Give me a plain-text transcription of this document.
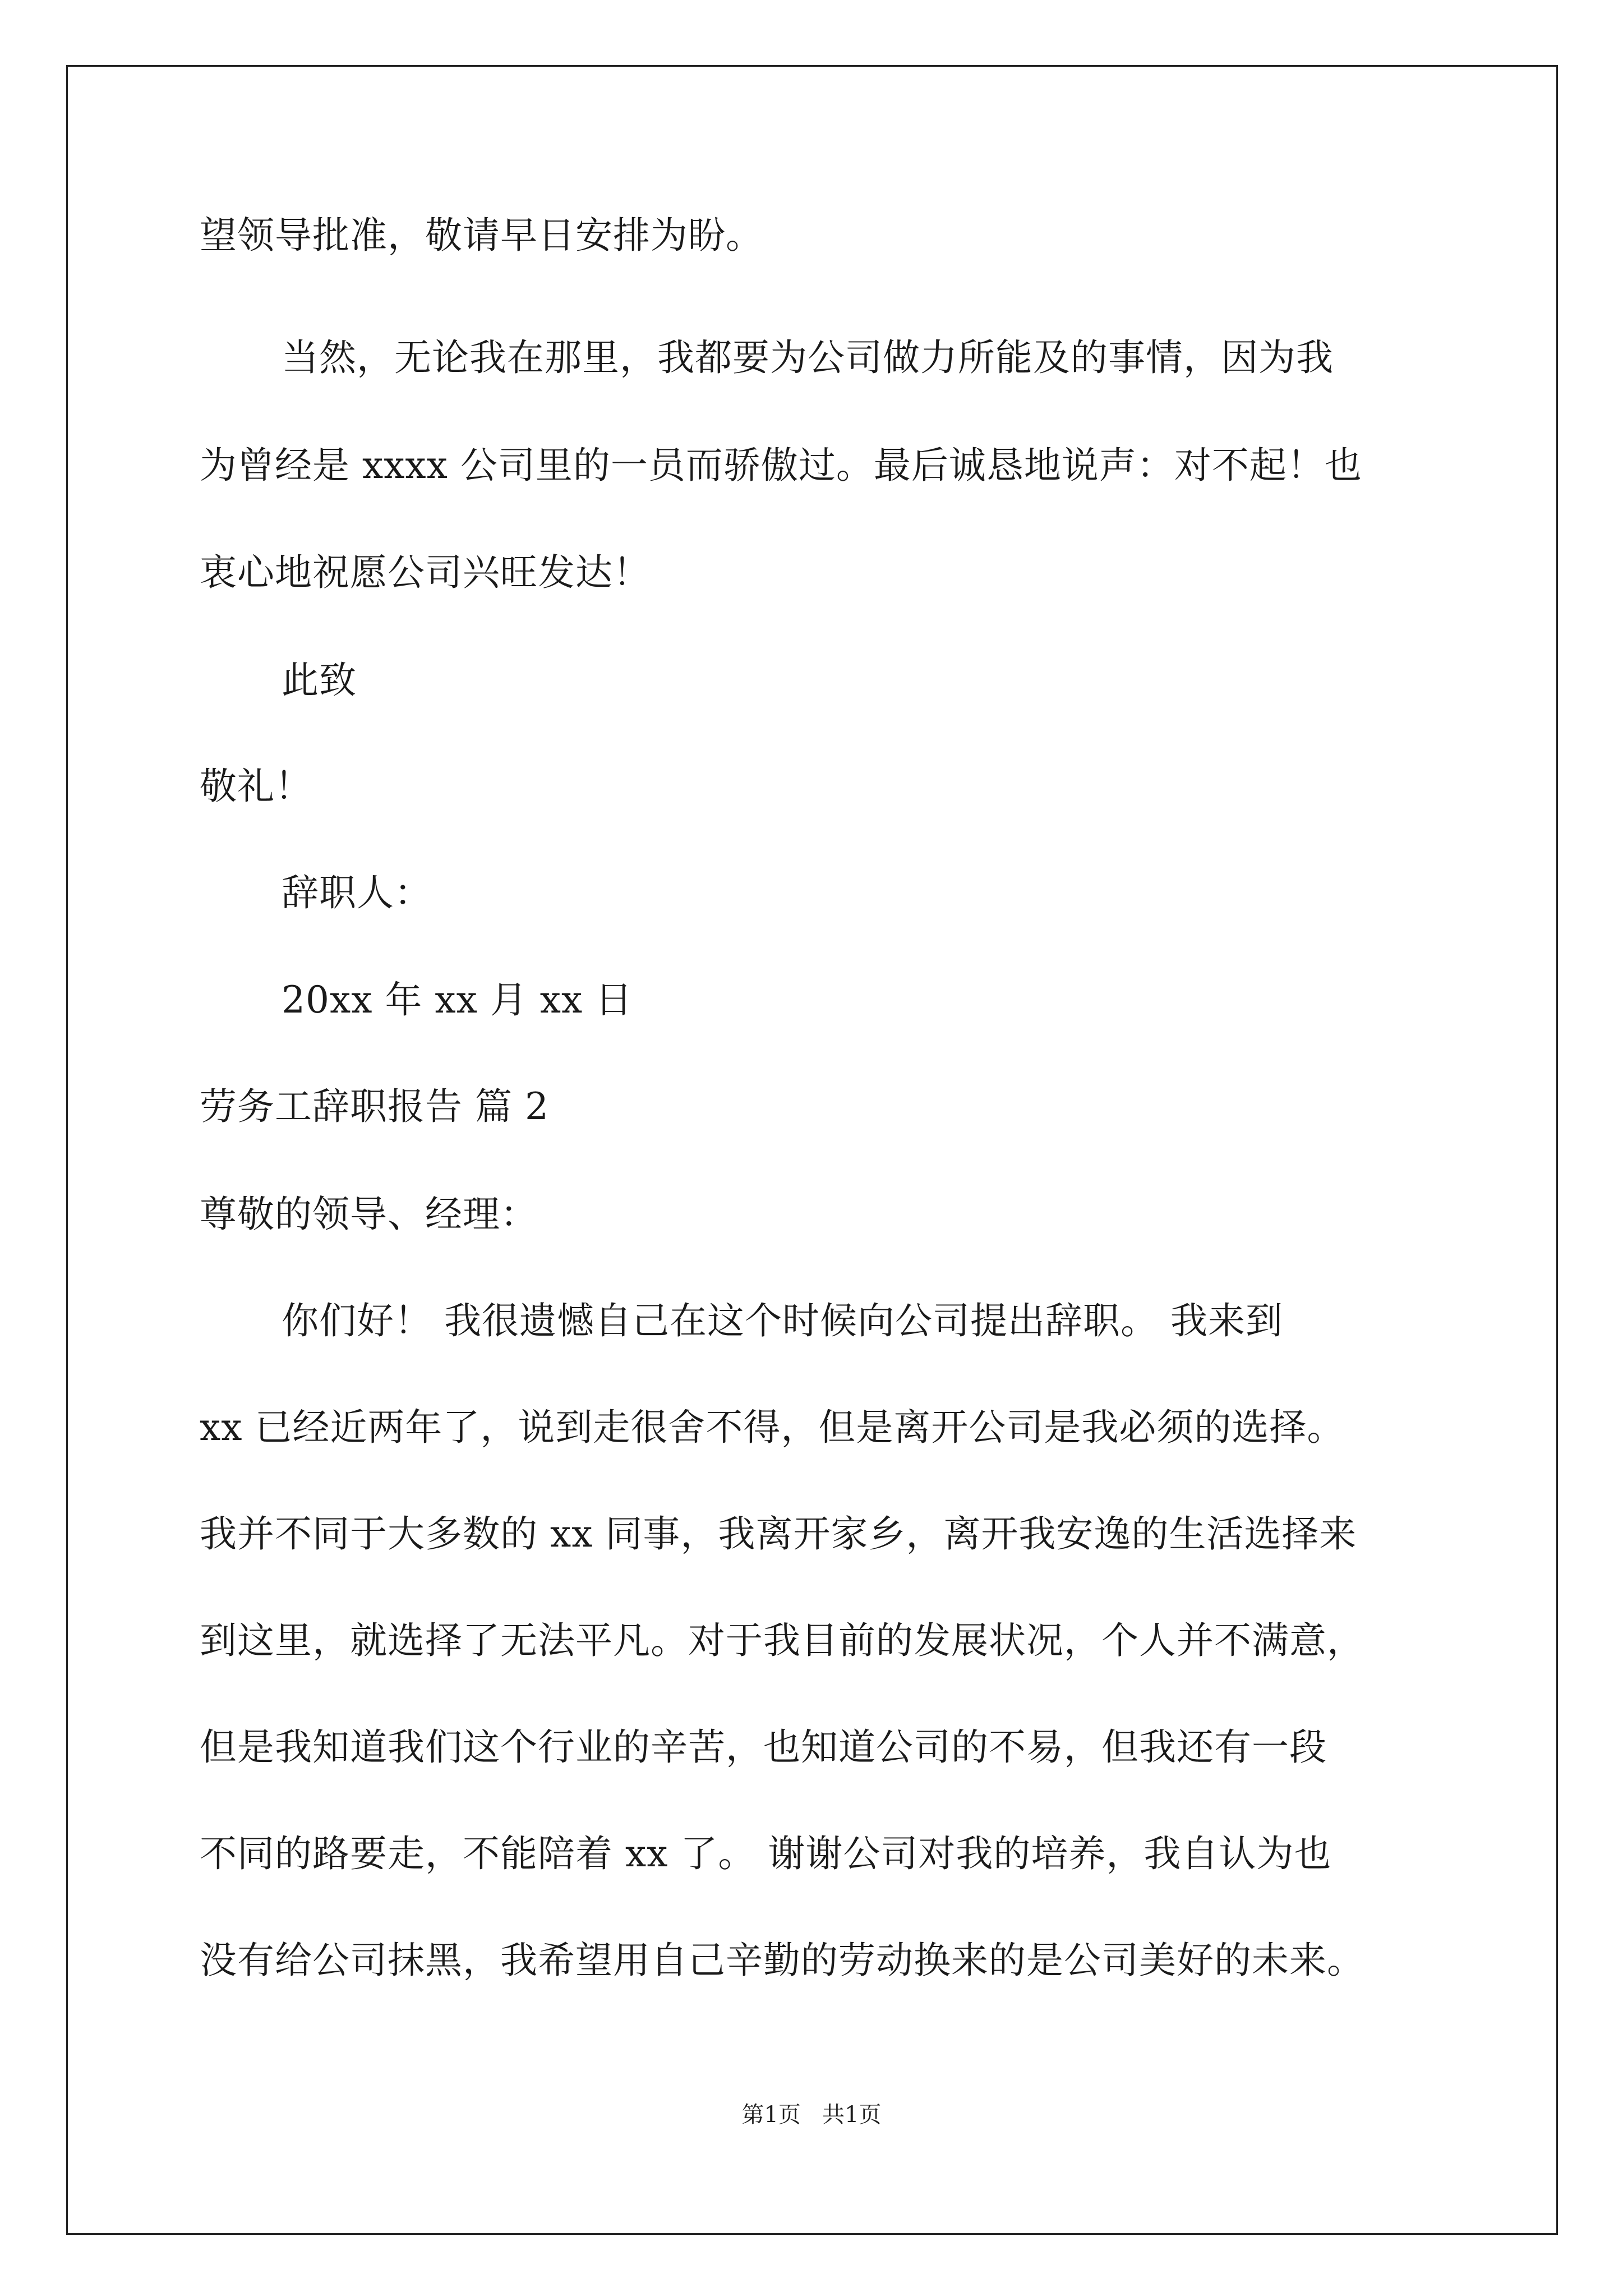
望领导批准，敬请早日安排为盼。
当然，无论我在那里，我都要为公司做力所能及的事情，因为我
为曾经是 xxxx 公司里的一员而骄傲过。最后诚恳地说声：对不起！也
衷心地祝愿公司兴旺发达！
此致
敬礼！
辞职人：
20xx 年 xx 月 xx 日
劳务工辞职报告 篇 2
尊敬的领导、经理：
你们好！ 我很遗憾自己在这个时候向公司提出辞职。 我来到
xx 已经近两年了，说到走很舍不得，但是离开公司是我必须的选择。
我并不同于大多数的 xx 同事，我离开家乡，离开我安逸的生活选择来
到这里，就选择了无法平凡。对于我目前的发展状况，个人并不满意，
但是我知道我们这个行业的辛苦，也知道公司的不易，但我还有一段
不同的路要走，不能陪着 xx 了。 谢谢公司对我的培养，我自认为也
没有给公司抹黑，我希望用自己辛勤的劳动换来的是公司美好的未来。
第1页   共1页
